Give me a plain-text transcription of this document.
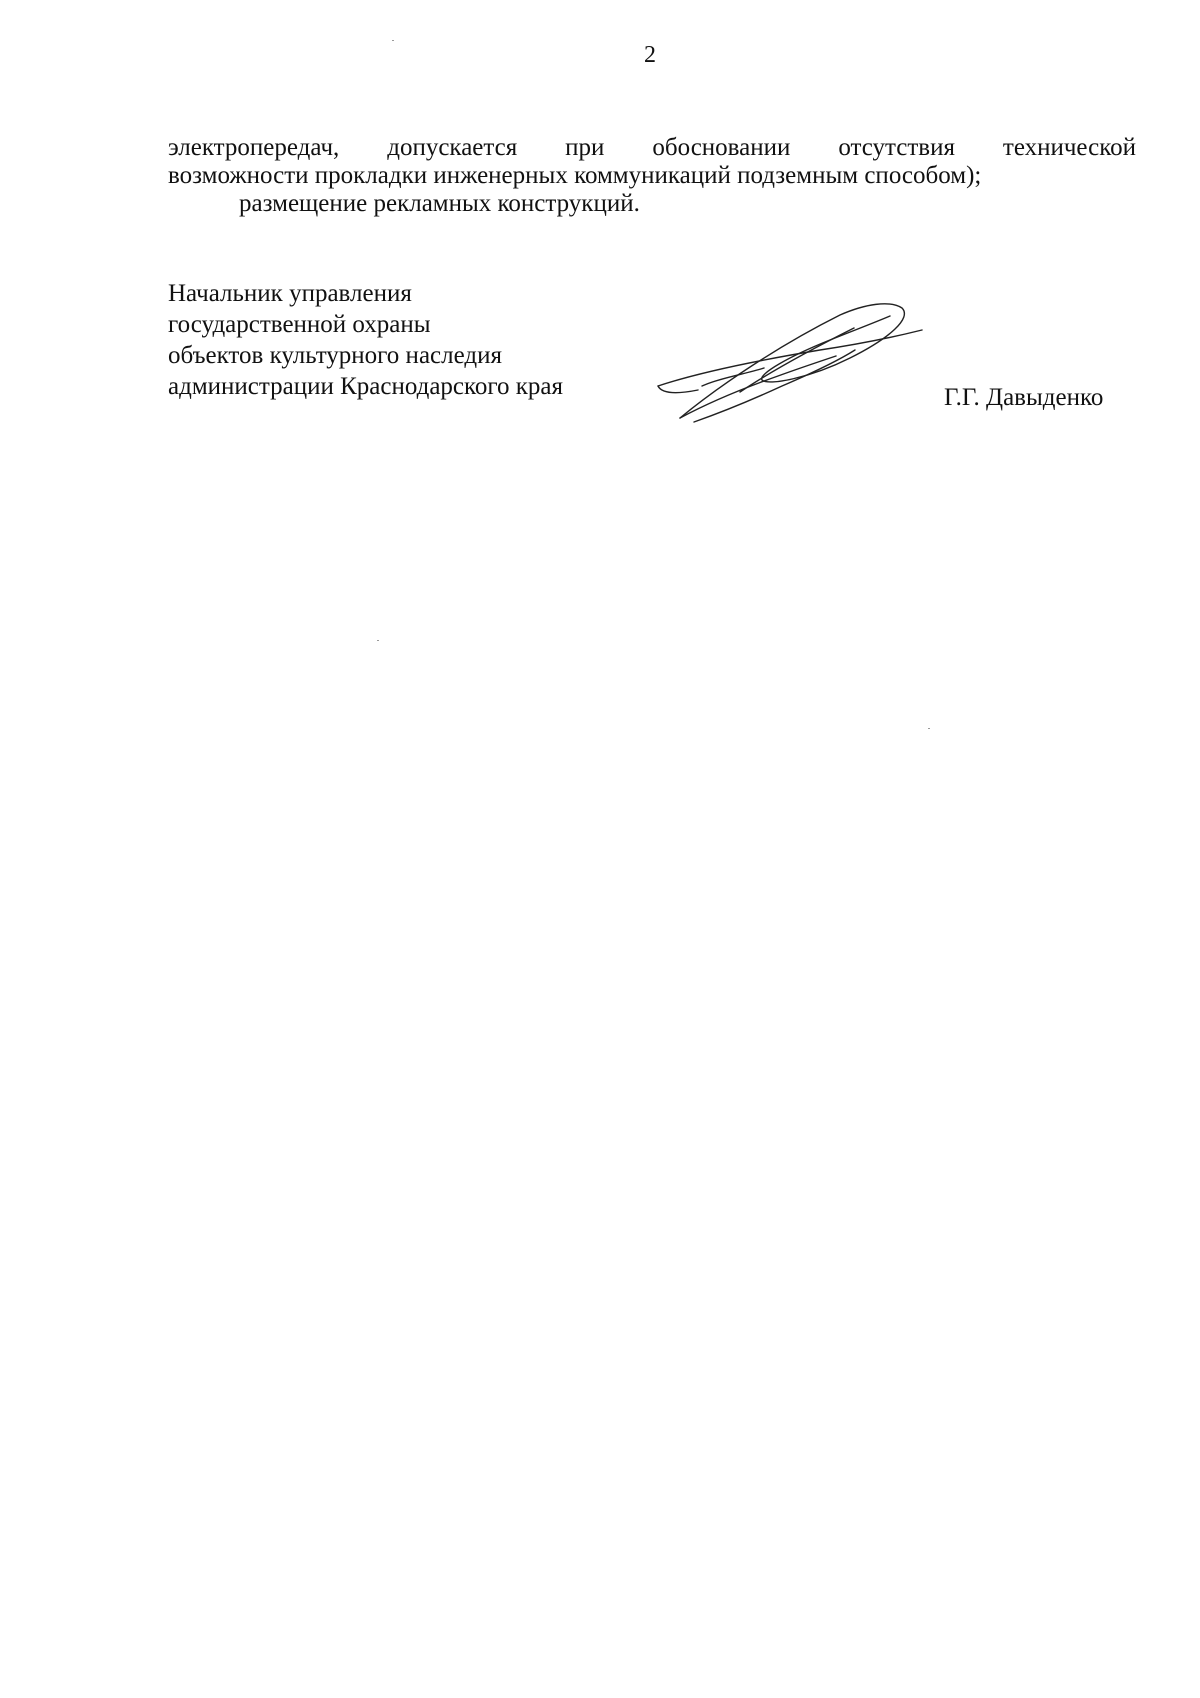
2
электропередач, допускается при обосновании отсутствия технической
возможности прокладки инженерных коммуникаций подземным способом);
размещение рекламных конструкций.
Начальник управления
государственной охраны
объектов культурного наследия
администрации Краснодарского края	Г.Г. Давыденко
